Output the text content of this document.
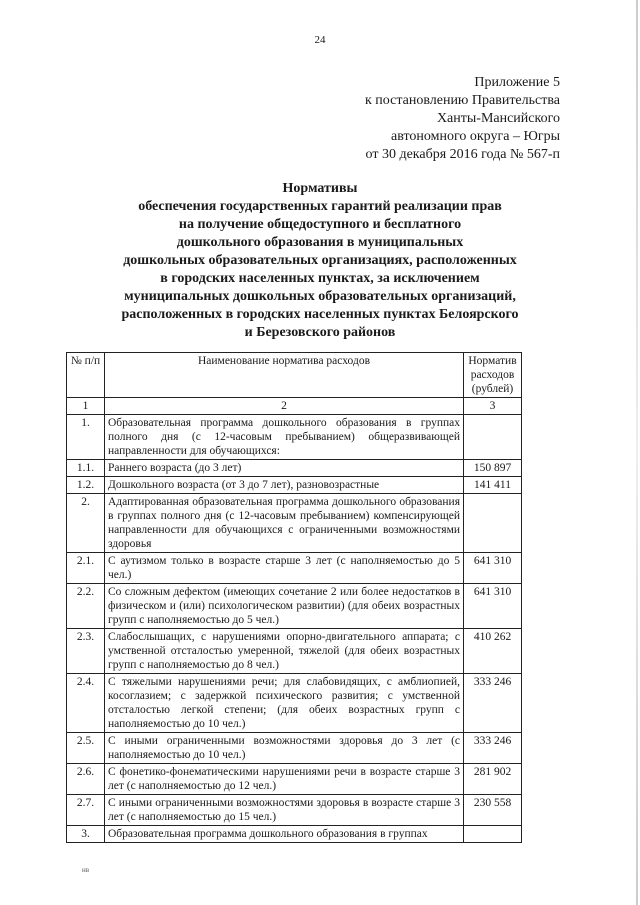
24
Приложение 5
к постановлению Правительства
Ханты-Мансийского
автономного округа – Югры
от 30 декабря 2016 года № 567-п
Нормативы
обеспечения государственных гарантий реализации прав
на получение общедоступного и бесплатного
дошкольного образования в муниципальных
дошкольных образовательных организациях, расположенных
в городских населенных пунктах, за исключением
муниципальных дошкольных образовательных организаций,
расположенных в городских населенных пунктах Белоярского
и Березовского районов
№ п/п	Наименование норматива расходов	Норматив расходов (рублей)
1	2	3
1.	Образовательная программа дошкольного образования в группах полного дня (с 12-часовым пребыванием) общеразвивающей направленности для обучающихся:	
1.1.	Раннего возраста (до 3 лет)	150 897
1.2.	Дошкольного возраста (от 3 до 7 лет), разновозрастные	141 411
2.	Адаптированная образовательная программа дошкольного образования в группах полного дня (с 12-часовым пребыванием) компенсирующей направленности для обучающихся с ограниченными возможностями здоровья	
2.1.	С аутизмом только в возрасте старше 3 лет (с наполняемостью до 5 чел.)	641 310
2.2.	Со сложным дефектом (имеющих сочетание 2 или более недостатков в физическом и (или) психологическом развитии) (для обеих возрастных групп с наполняемостью до 5 чел.)	641 310
2.3.	Слабослышащих, с нарушениями опорно-двигательного аппарата; с умственной отсталостью умеренной, тяжелой (для обеих возрастных групп с наполняемостью до 8 чел.)	410 262
2.4.	С тяжелыми нарушениями речи; для слабовидящих, с амблиопией, косоглазием; с задержкой психического развития; с умственной отсталостью легкой степени; (для обеих возрастных групп с наполняемостью до 10 чел.)	333 246
2.5.	С иными ограниченными возможностями здоровья до 3 лет (с наполняемостью до 10 чел.)	333 246
2.6.	С фонетико-фонематическими нарушениями речи в возрасте старше 3 лет (с наполняемостью до 12 чел.)	281 902
2.7.	С иными ограниченными возможностями здоровья в возрасте старше 3 лет (с наполняемостью до 15 чел.)	230 558
3.	Образовательная программа дошкольного образования в группах	
нв
